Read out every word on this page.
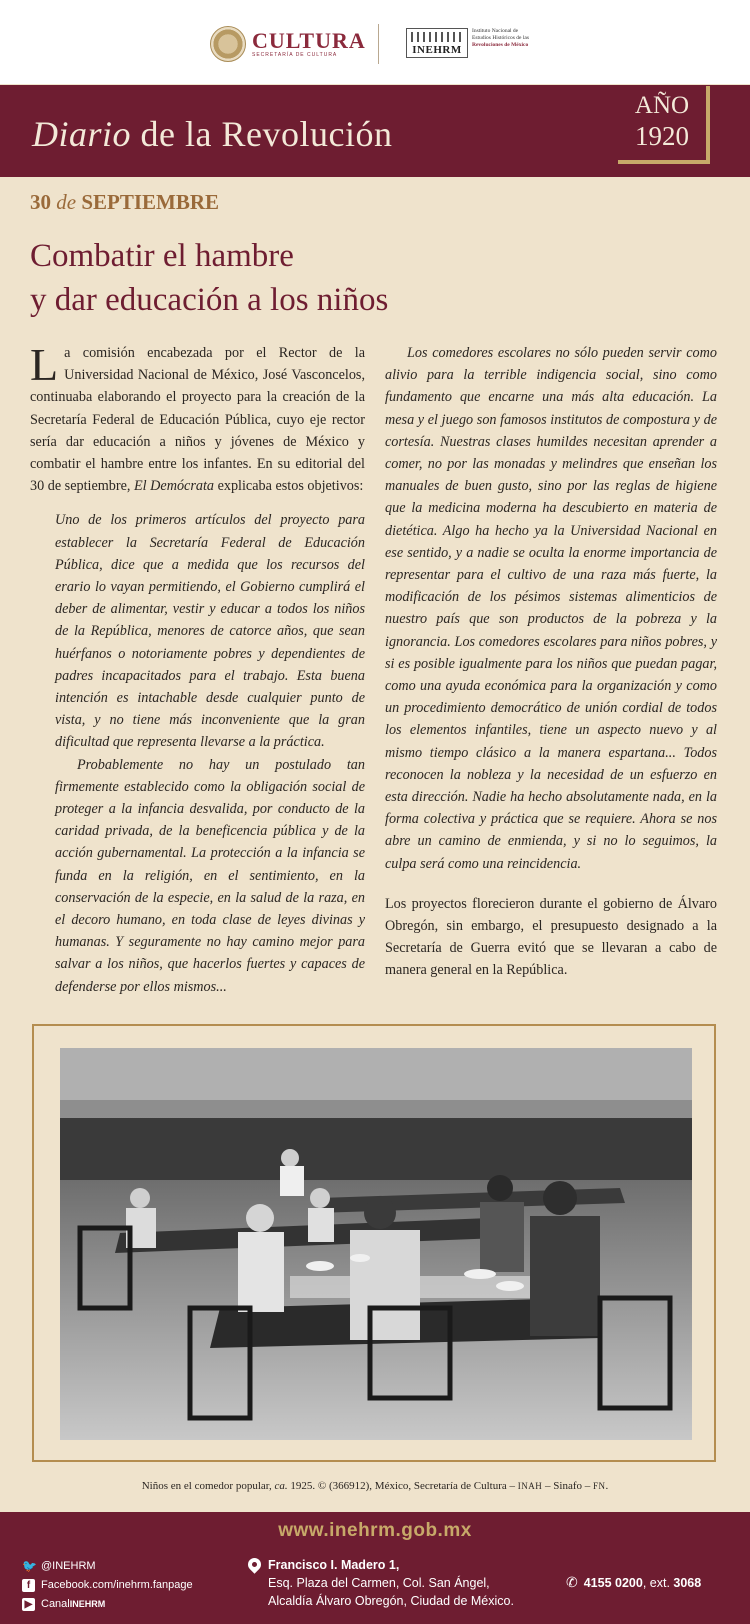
CULTURA
SECRETARÍA DE CULTURA	INEHRM
Instituto Nacional de
Estudios Históricos de las
Revoluciones de México
Diario de la Revolución
AÑO
1920
30 de SEPTIEMBRE
Combatir el hambre
y dar educación a los niños

La comisión encabezada por el Rector de la Universidad Nacional de México, José Vasconcelos, continuaba elaborando el proyecto para la creación de la Secretaría Federal de Educación Pública, cuyo eje rector sería dar educación a niños y jóvenes de México y combatir el hambre entre los infantes. En su editorial del 30 de septiembre, El Demócrata explicaba estos objetivos:

Uno de los primeros artículos del proyecto para establecer la Secretaría Federal de Educación Pública, dice que a medida que los recursos del erario lo vayan permitiendo, el Gobierno cumplirá el deber de alimentar, vestir y educar a todos los niños de la República, menores de catorce años, que sean huérfanos o notoriamente pobres y dependientes de padres incapacitados para el trabajo. Esta buena intención es intachable desde cualquier punto de vista, y no tiene más inconveniente que la gran dificultad que representa llevarse a la práctica.

Probablemente no hay un postulado tan firmemente establecido como la obligación social de proteger a la infancia desvalida, por conducto de la caridad privada, de la beneficencia pública y de la acción gubernamental. La protección a la infancia se funda en la religión, en el sentimiento, en la conservación de la especie, en la salud de la raza, en el decoro humano, en toda clase de leyes divinas y humanas. Y seguramente no hay camino mejor para salvar a los niños, que hacerlos fuertes y capaces de defenderse por ellos mismos...

Los comedores escolares no sólo pueden servir como alivio para la terrible indigencia social, sino como fundamento que encarne una más alta educación. La mesa y el juego son famosos institutos de compostura y de cortesía. Nuestras clases humildes necesitan aprender a comer, no por las monadas y melindres que enseñan los manuales de buen gusto, sino por las reglas de higiene que la medicina moderna ha descubierto en materia de dietética. Algo ha hecho ya la Universidad Nacional en ese sentido, y a nadie se oculta la enorme importancia de representar para el cultivo de una raza más fuerte, la modificación de los pésimos sistemas alimenticios de nuestro país que son productos de la pobreza y la ignorancia. Los comedores escolares para niños pobres, y si es posible igualmente para los niños que puedan pagar, como una ayuda económica para la organización y como un procedimiento democrático de unión cordial de todos los elementos infantiles, tiene un aspecto nuevo y al mismo tiempo clásico a la manera espartana... Todos reconocen la nobleza y la necesidad de un esfuerzo en esta dirección. Nadie ha hecho absolutamente nada, en la forma colectiva y práctica que se requiere. Ahora se nos abre un camino de enmienda, y si no lo seguimos, la culpa será como una reincidencia.

Los proyectos florecieron durante el gobierno de Álvaro Obregón, sin embargo, el presupuesto designado a la Secretaría de Guerra evitó que se llevaran a cabo de manera general en la República.

Niños en el comedor popular, ca. 1925. © (366912), México, Secretaría de Cultura – INAH – Sinafo – FN.
www.inehrm.gob.mx
🐦 @INEHRM
f Facebook.com/inehrm.fanpage
▶ Canal INEHRM
Francisco I. Madero 1,
Esq. Plaza del Carmen, Col. San Ángel,
Alcaldía Álvaro Obregón, Ciudad de México.
✆ 4155 0200, ext. 3068
